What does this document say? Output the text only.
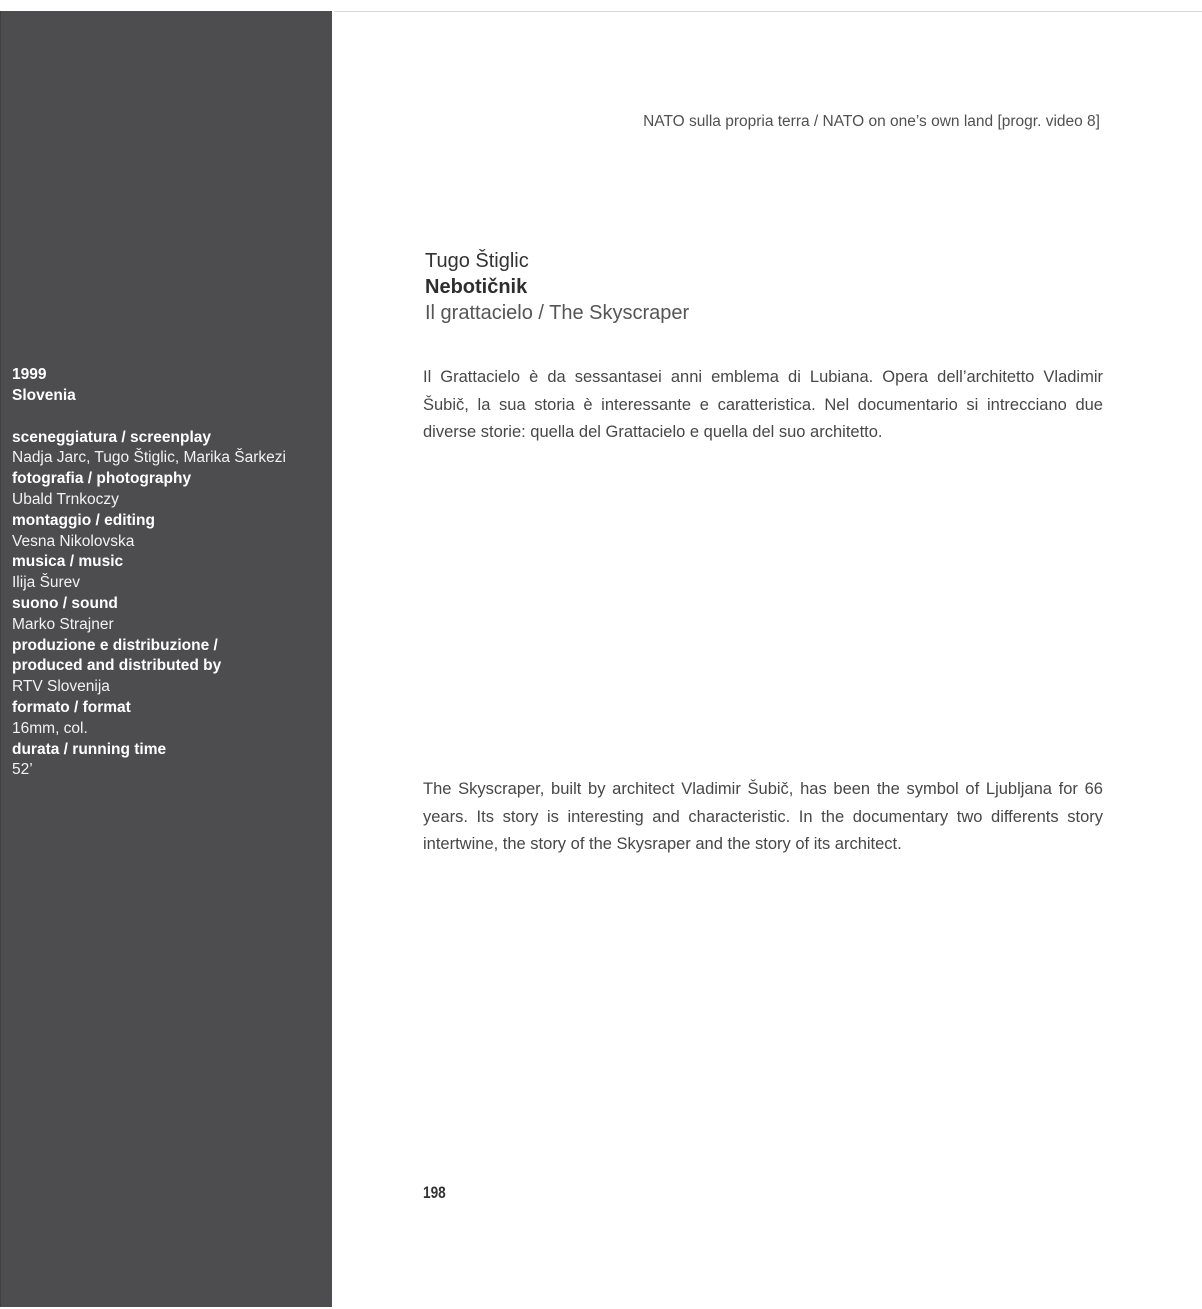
1999
Slovenia
sceneggiatura / screenplay
Nadja Jarc, Tugo Štiglic, Marika Šarkezi
fotografia / photography
Ubald Trnkoczy
montaggio / editing
Vesna Nikolovska
musica / music
Ilija Šurev
suono / sound
Marko Strajner
produzione e distribuzione /
produced and distributed by
RTV Slovenija
formato / format
16mm, col.
durata / running time
52’
NATO sulla propria terra / NATO on one’s own land [progr. video 8]
Tugo Štiglic
Nebotičnik
Il grattacielo / The Skyscraper

Il Grattacielo è da sessantasei anni emblema di Lubiana. Opera dell’architetto Vladimir Šubič, la sua storia è interessante e caratteristica. Nel documentario si intrecciano due diverse storie: quella del Grattacielo e quella del suo architetto.

The Skyscraper, built by architect Vladimir Šubič, has been the symbol of Ljubljana for 66 years. Its story is interesting and characteristic. In the documentary two differents story intertwine, the story of the Skysraper and the story of its architect.

198
